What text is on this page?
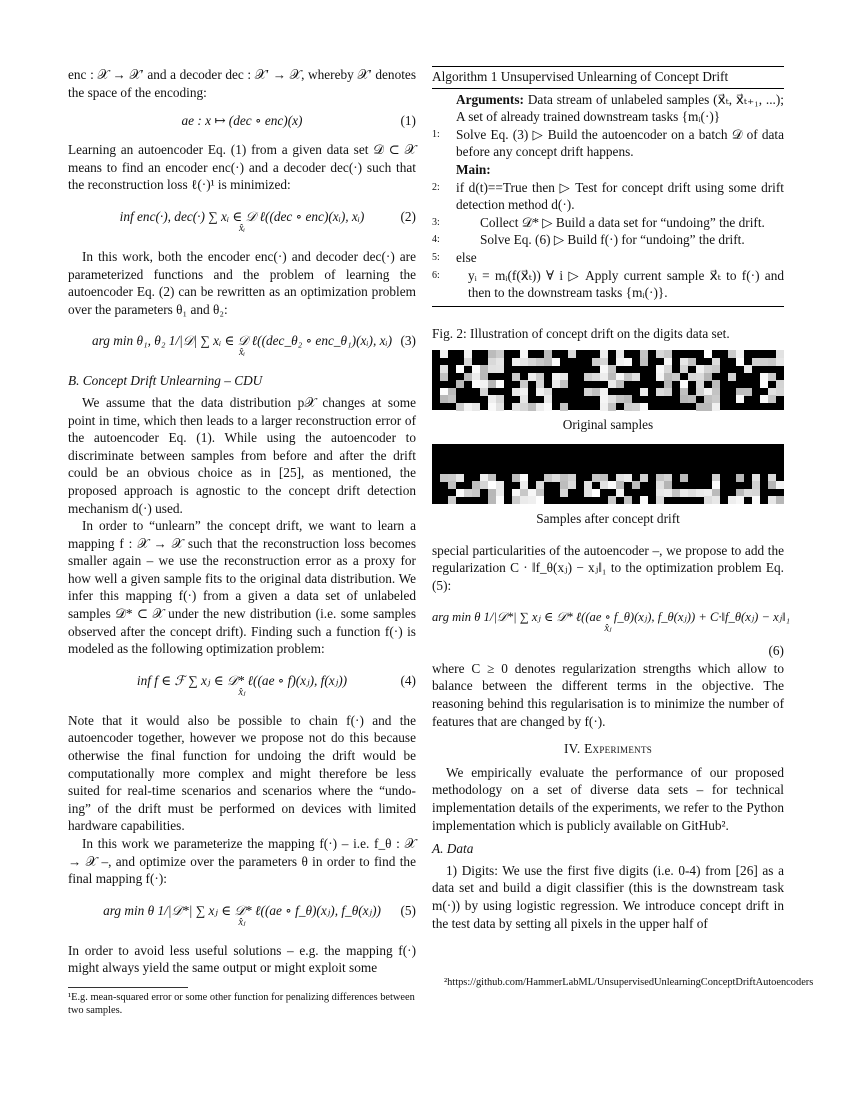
enc : 𝒳 → 𝒳′ and a decoder dec : 𝒳′ → 𝒳, whereby 𝒳′ denotes the space of the encoding:

ae : x ↦ (dec ∘ enc)(x)	(1)

Learning an autoencoder Eq. (1) from a given data set 𝒟 ⊂ 𝒳 means to find an encoder enc(·) and a decoder dec(·) such that the reconstruction loss ℓ(·)¹ is minimized:

inf enc(·), dec(·) ∑ xᵢ ∈ 𝒟 ℓ((dec ∘ enc)(xᵢ), xᵢ)
x̂ᵢ
(2)

In this work, both the encoder enc(·) and decoder dec(·) are parameterized functions and the problem of learning the autoencoder Eq. (2) can be rewritten as an optimization problem over the parameters θ₁ and θ₂:

arg min θ₁, θ₂ 1/|𝒟| ∑ xᵢ ∈ 𝒟 ℓ((dec_θ₂ ∘ enc_θ₁)(xᵢ), xᵢ)
x̂ᵢ
(3)
B. Concept Drift Unlearning – CDU

We assume that the data distribution p𝒳 changes at some point in time, which then leads to a larger reconstruction error of the autoencoder Eq. (1). While using the autoencoder to discriminate between samples from before and after the drift could be an obvious choice as in [25], as mentioned, the proposed approach is agnostic to the concept drift detection mechanism d(·) used.

In order to “unlearn” the concept drift, we want to learn a mapping f : 𝒳 → 𝒳 such that the reconstruction loss becomes smaller again – we use the reconstruction error as a proxy for how well a given sample fits to the original data distribution. We infer this mapping f(·) from a given a data set of unlabeled samples 𝒟* ⊂ 𝒳 under the new distribution (i.e. some samples observed after the concept drift). Finding such a function f(·) is modeled as the following optimization problem:

inf f ∈ ℱ ∑ xⱼ ∈ 𝒟* ℓ((ae ∘ f)(xⱼ), f(xⱼ))
x̂ⱼ
(4)

Note that it would also be possible to chain f(·) and the autoencoder together, however we propose not do this because otherwise the final function for undoing the drift would be computationally more complex and might therefore be less suited for real-time scenarios and scenarios where the “undo-ing” of the drift must be performed on devices with limited hardware capabilities.

In this work we parameterize the mapping f(·) – i.e. f_θ : 𝒳 → 𝒳 –, and optimize over the parameters θ in order to find the final mapping f(·):

arg min θ 1/|𝒟*| ∑ xⱼ ∈ 𝒟* ℓ((ae ∘ f_θ)(xⱼ), f_θ(xⱼ))
x̂ⱼ
(5)

In order to avoid less useful solutions – e.g. the mapping f(·) might always yield the same output or might exploit some

¹E.g. mean-squared error or some other function for penalizing differences between two samples.
Algorithm 1 Unsupervised Unlearning of Concept Drift
Arguments: Data stream of unlabeled samples (x⃗ₜ, x⃗ₜ₊₁, ...); A set of already trained downstream tasks {mᵢ(·)}
1:	Solve Eq. (3) ▷ Build the autoencoder on a batch 𝒟 of data before any concept drift happens.
Main:
2:	if d(t)==True then ▷ Test for concept drift using some drift detection method d(·).
3:	Collect 𝒟* ▷ Build a data set for “undoing” the drift.
4:	Solve Eq. (6) ▷ Build f(·) for “undoing” the drift.
5:	else
6:	yᵢ = mᵢ(f(x⃗ₜ)) ∀ i ▷ Apply current sample x⃗ₜ to f(·) and then to the downstream tasks {mᵢ(·)}.
Fig. 2: Illustration of concept drift on the digits data set.
Original samples
Samples after concept drift

special particularities of the autoencoder –, we propose to add the regularization C · ‖f_θ(xⱼ) − xⱼ‖₁ to the optimization problem Eq. (5):

arg min θ 1/|𝒟*| ∑ xⱼ ∈ 𝒟* ℓ((ae ∘ f_θ)(xⱼ), f_θ(xⱼ)) + C·‖f_θ(xⱼ) − xⱼ‖₁
x̂ⱼ
(6)

where C ≥ 0 denotes regularization strengths which allow to balance between the different terms in the objective. The reasoning behind this regularisation is to minimize the number of features that are changed by f(·).

IV. Experiments

We empirically evaluate the performance of our proposed methodology on a set of diverse data sets – for technical implementation details of the experiments, we refer to the Python implementation which is publicly available on GitHub².

A. Data

1) Digits: We use the first five digits (i.e. 0-4) from [26] as a data set and build a digit classifier (this is the downstream task m(·)) by using logistic regression. We introduce concept drift in the test data by setting all pixels in the upper half of

²https://github.com/HammerLabML/UnsupervisedUnlearningConceptDriftAutoencoders
